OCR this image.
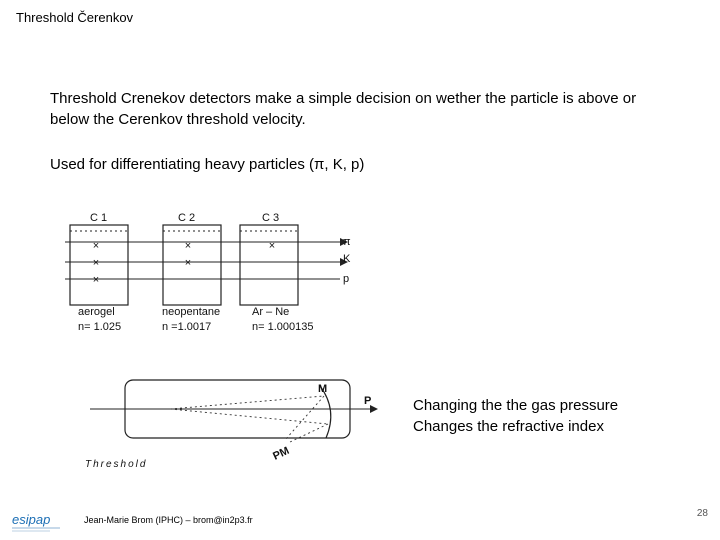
Threshold Čerenkov
Threshold Crenekov detectors make a simple decision on wether the particle is above or below the Cerenkov threshold velocity.
Used for differentiating heavy particles (π, K, p)
×
×
×
×
×
×
C 1	C 2	C 3
π
K
p
aerogel	neopentane	Ar – Ne
n= 1.025	n =1.0017	n= 1.000135
M
P
PM
Threshold
Changing the the gas pressure
Changes the refractive index
esipap	Jean-Marie Brom (IPHC) – brom@in2p3.fr
28
